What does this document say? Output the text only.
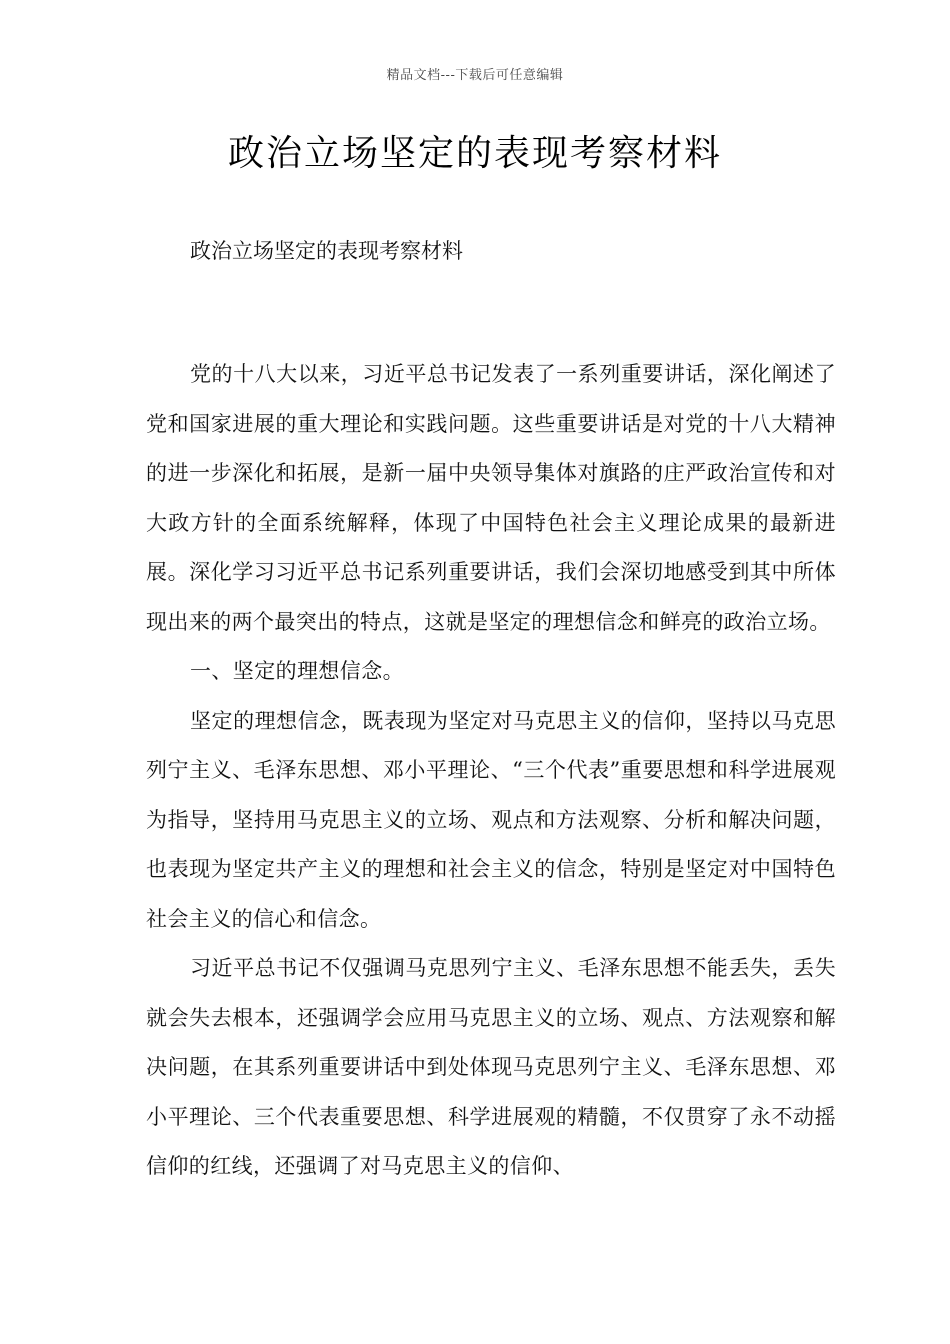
精品文档---下载后可任意编辑
政治立场坚定的表现考察材料

政治立场坚定的表现考察材料

党的十八大以来，习近平总书记发表了一系列重要讲话，深化阐述了党和国家进展的重大理论和实践问题。这些重要讲话是对党的十八大精神的进一步深化和拓展，是新一届中央领导集体对旗路的庄严政治宣传和对大政方针的全面系统解释，体现了中国特色社会主义理论成果的最新进展。深化学习习近平总书记系列重要讲话，我们会深切地感受到其中所体现出来的两个最突出的特点，这就是坚定的理想信念和鲜亮的政治立场。

一、坚定的理想信念。

坚定的理想信念，既表现为坚定对马克思主义的信仰，坚持以马克思列宁主义、毛泽东思想、邓小平理论、“三个代表”重要思想和科学进展观为指导，坚持用马克思主义的立场、观点和方法观察、分析和解决问题，也表现为坚定共产主义的理想和社会主义的信念，特别是坚定对中国特色社会主义的信心和信念。

习近平总书记不仅强调马克思列宁主义、毛泽东思想不能丢失，丢失就会失去根本，还强调学会应用马克思主义的立场、观点、方法观察和解决问题，在其系列重要讲话中到处体现马克思列宁主义、毛泽东思想、邓小平理论、三个代表重要思想、科学进展观的精髓，不仅贯穿了永不动摇信仰的红线，还强调了对马克思主义的信仰、
